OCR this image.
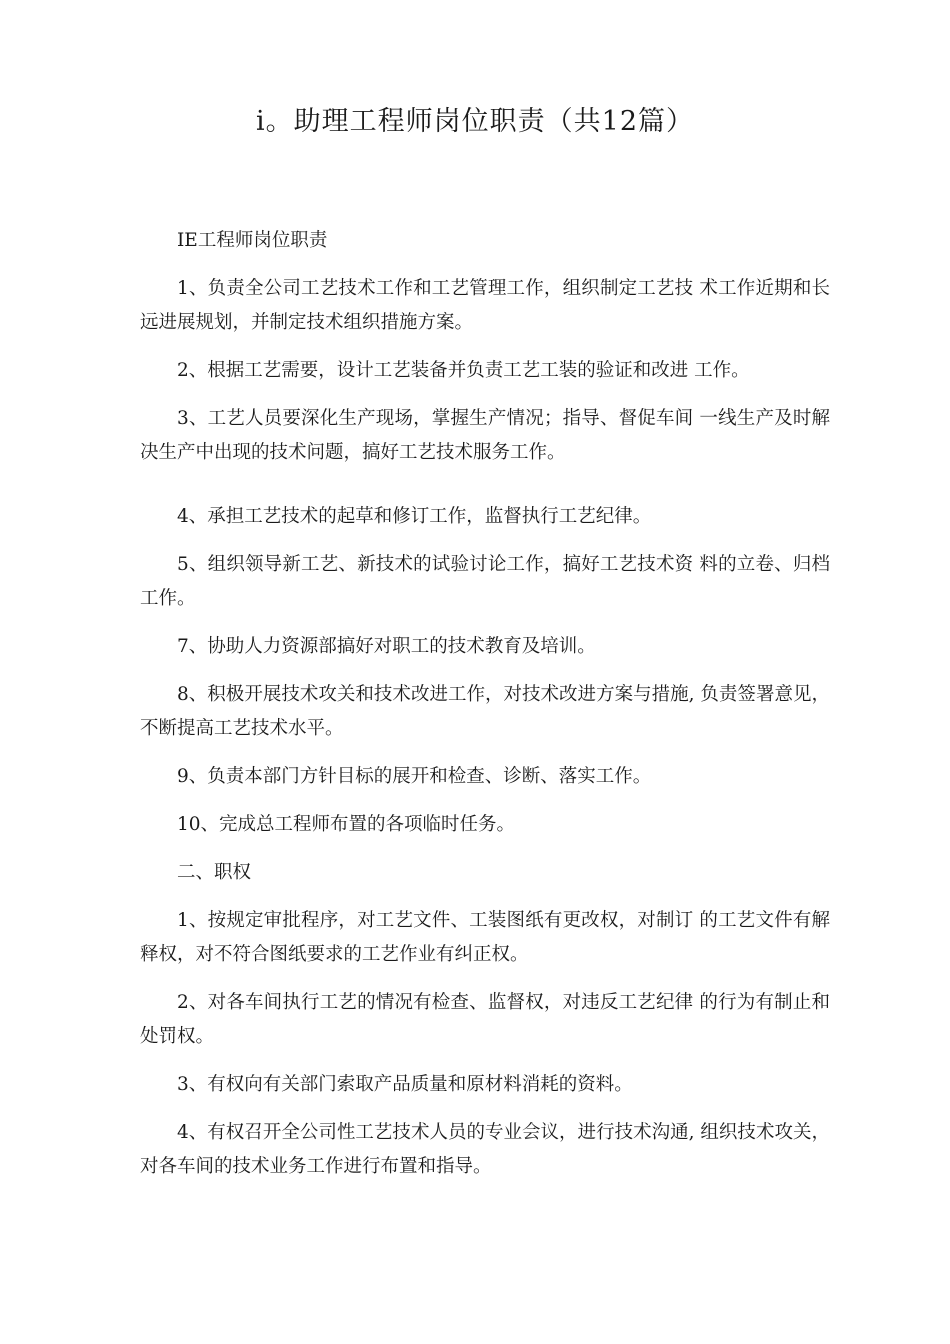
i。助理工程师岗位职责（共12篇）

IE工程师岗位职责

1、负责全公司工艺技术工作和工艺管理工作，组织制定工艺技 术工作近期和长远进展规划，并制定技术组织措施方案。

2、根据工艺需要，设计工艺装备并负责工艺工装的验证和改进 工作。

3、工艺人员要深化生产现场，掌握生产情况；指导、督促车间 一线生产及时解决生产中出现的技术问题，搞好工艺技术服务工作。

4、承担工艺技术的起草和修订工作，监督执行工艺纪律。

5、组织领导新工艺、新技术的试验讨论工作，搞好工艺技术资 料的立卷、归档工作。

7、协助人力资源部搞好对职工的技术教育及培训。

8、积极开展技术攻关和技术改进工作，对技术改进方案与措施, 负责签署意见，不断提高工艺技术水平。

9、负责本部门方针目标的展开和检查、诊断、落实工作。

10、完成总工程师布置的各项临时任务。

二、职权

1、按规定审批程序，对工艺文件、工装图纸有更改权，对制订 的工艺文件有解释权，对不符合图纸要求的工艺作业有纠正权。

2、对各车间执行工艺的情况有检查、监督权，对违反工艺纪律 的行为有制止和处罚权。

3、有权向有关部门索取产品质量和原材料消耗的资料。

4、有权召开全公司性工艺技术人员的专业会议，进行技术沟通, 组织技术攻关，对各车间的技术业务工作进行布置和指导。
